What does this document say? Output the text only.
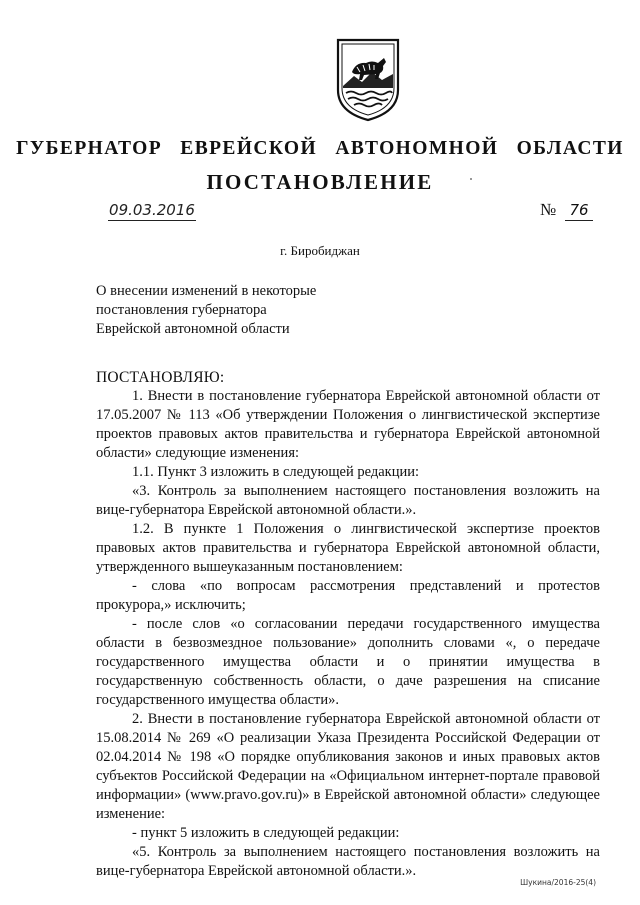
ГУБЕРНАТОР ЕВРЕЙСКОЙ АВТОНОМНОЙ ОБЛАСТИ
ПОСТАНОВЛЕНИЕ
09.03.2016	№ 76
г. Биробиджан
О внесении изменений в некоторые
постановления губернатора
Еврейской автономной области

ПОСТАНОВЛЯЮ:

1. Внести в постановление губернатора Еврейской автономной области от 17.05.2007 № 113 «Об утверждении Положения о лингвистической экспертизе проектов правовых актов правительства и губернатора Еврейской автономной области» следующие изменения:

1.1. Пункт 3 изложить в следующей редакции:

«3. Контроль за выполнением настоящего постановления возложить на вице-губернатора Еврейской автономной области.».

1.2. В пункте 1 Положения о лингвистической экспертизе проектов правовых актов правительства и губернатора Еврейской автономной области, утвержденного вышеуказанным постановлением:

- слова «по вопросам рассмотрения представлений и протестов прокурора,» исключить;

- после слов «о согласовании передачи государственного имущества области в безвозмездное пользование» дополнить словами «, о передаче государственного имущества области и о принятии имущества в государственную собственность области, о даче разрешения на списание государственного имущества области».

2. Внести в постановление губернатора Еврейской автономной области от 15.08.2014 № 269 «О реализации Указа Президента Российской Федерации от 02.04.2014 № 198 «О порядке опубликования законов и иных правовых актов субъектов Российской Федерации на «Официальном интернет-портале правовой информации» (www.pravo.gov.ru)» в Еврейской автономной области» следующее изменение:

- пункт 5 изложить в следующей редакции:

«5. Контроль за выполнением настоящего постановления возложить на вице-губернатора Еврейской автономной области.».

Шукина/2016-25(4)
